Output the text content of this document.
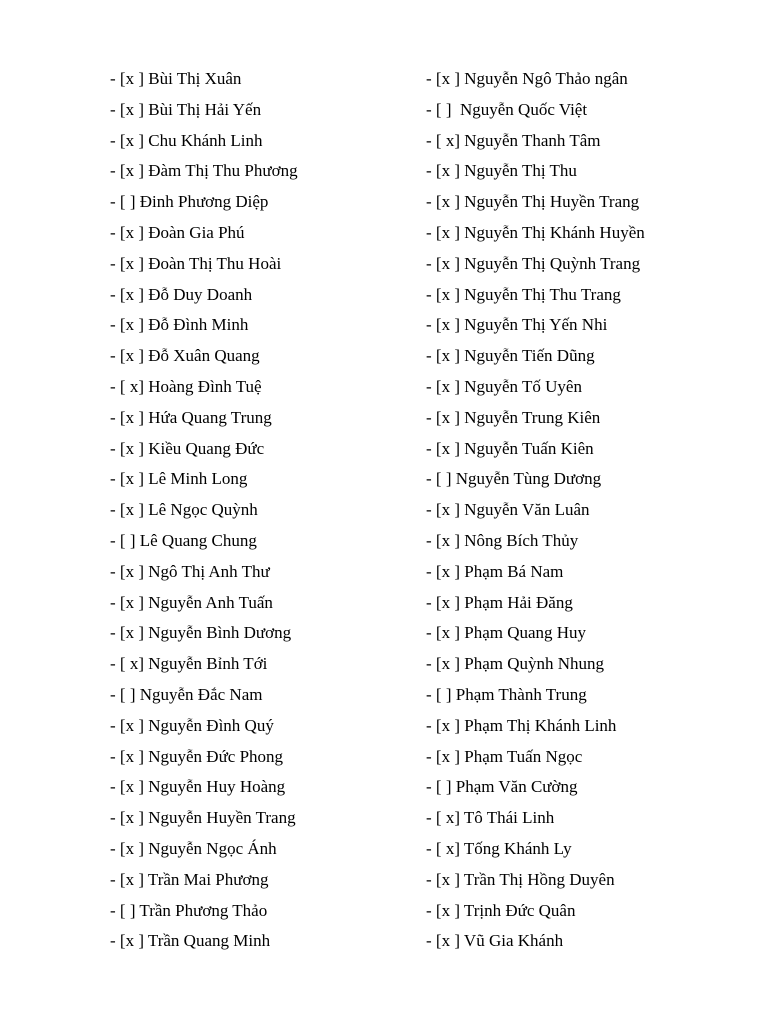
- [x ] Bùi Thị Xuân
- [x ] Bùi Thị Hải Yến
- [x ] Chu Khánh Linh
- [x ] Đàm Thị Thu Phương
- [ ] Đinh Phương Diệp
- [x ] Đoàn Gia Phú
- [x ] Đoàn Thị Thu Hoài
- [x ] Đỗ Duy Doanh
- [x ] Đỗ Đình Minh
- [x ] Đỗ Xuân Quang
- [ x] Hoàng Đình Tuệ
- [x ] Hứa Quang Trung
- [x ] Kiều Quang Đức
- [x ] Lê Minh Long
- [x ] Lê Ngọc Quỳnh
- [ ] Lê Quang Chung
- [x ] Ngô Thị Anh Thư
- [x ] Nguyễn Anh Tuấn
- [x ] Nguyễn Bình Dương
- [ x] Nguyễn Bỉnh Tới
- [ ] Nguyễn Đắc Nam
- [x ] Nguyễn Đình Quý
- [x ] Nguyễn Đức Phong
- [x ] Nguyễn Huy Hoàng
- [x ] Nguyễn Huyền Trang
- [x ] Nguyễn Ngọc Ánh
- [x ] Trần Mai Phương
- [ ] Trần Phương Thảo
- [x ] Trần Quang Minh
- [x ] Nguyễn Ngô Thảo ngân
- [ ]  Nguyễn Quốc Việt
- [ x] Nguyễn Thanh Tâm
- [x ] Nguyễn Thị Thu
- [x ] Nguyễn Thị Huyền Trang
- [x ] Nguyễn Thị Khánh Huyền
- [x ] Nguyễn Thị Quỳnh Trang
- [x ] Nguyễn Thị Thu Trang
- [x ] Nguyễn Thị Yến Nhi
- [x ] Nguyễn Tiến Dũng
- [x ] Nguyễn Tố Uyên
- [x ] Nguyễn Trung Kiên
- [x ] Nguyễn Tuấn Kiên
- [ ] Nguyễn Tùng Dương
- [x ] Nguyễn Văn Luân
- [x ] Nông Bích Thủy
- [x ] Phạm Bá Nam
- [x ] Phạm Hải Đăng
- [x ] Phạm Quang Huy
- [x ] Phạm Quỳnh Nhung
- [ ] Phạm Thành Trung
- [x ] Phạm Thị Khánh Linh
- [x ] Phạm Tuấn Ngọc
- [ ] Phạm Văn Cường
- [ x] Tô Thái Linh
- [ x] Tống Khánh Ly
- [x ] Trần Thị Hồng Duyên
- [x ] Trịnh Đức Quân
- [x ] Vũ Gia Khánh
